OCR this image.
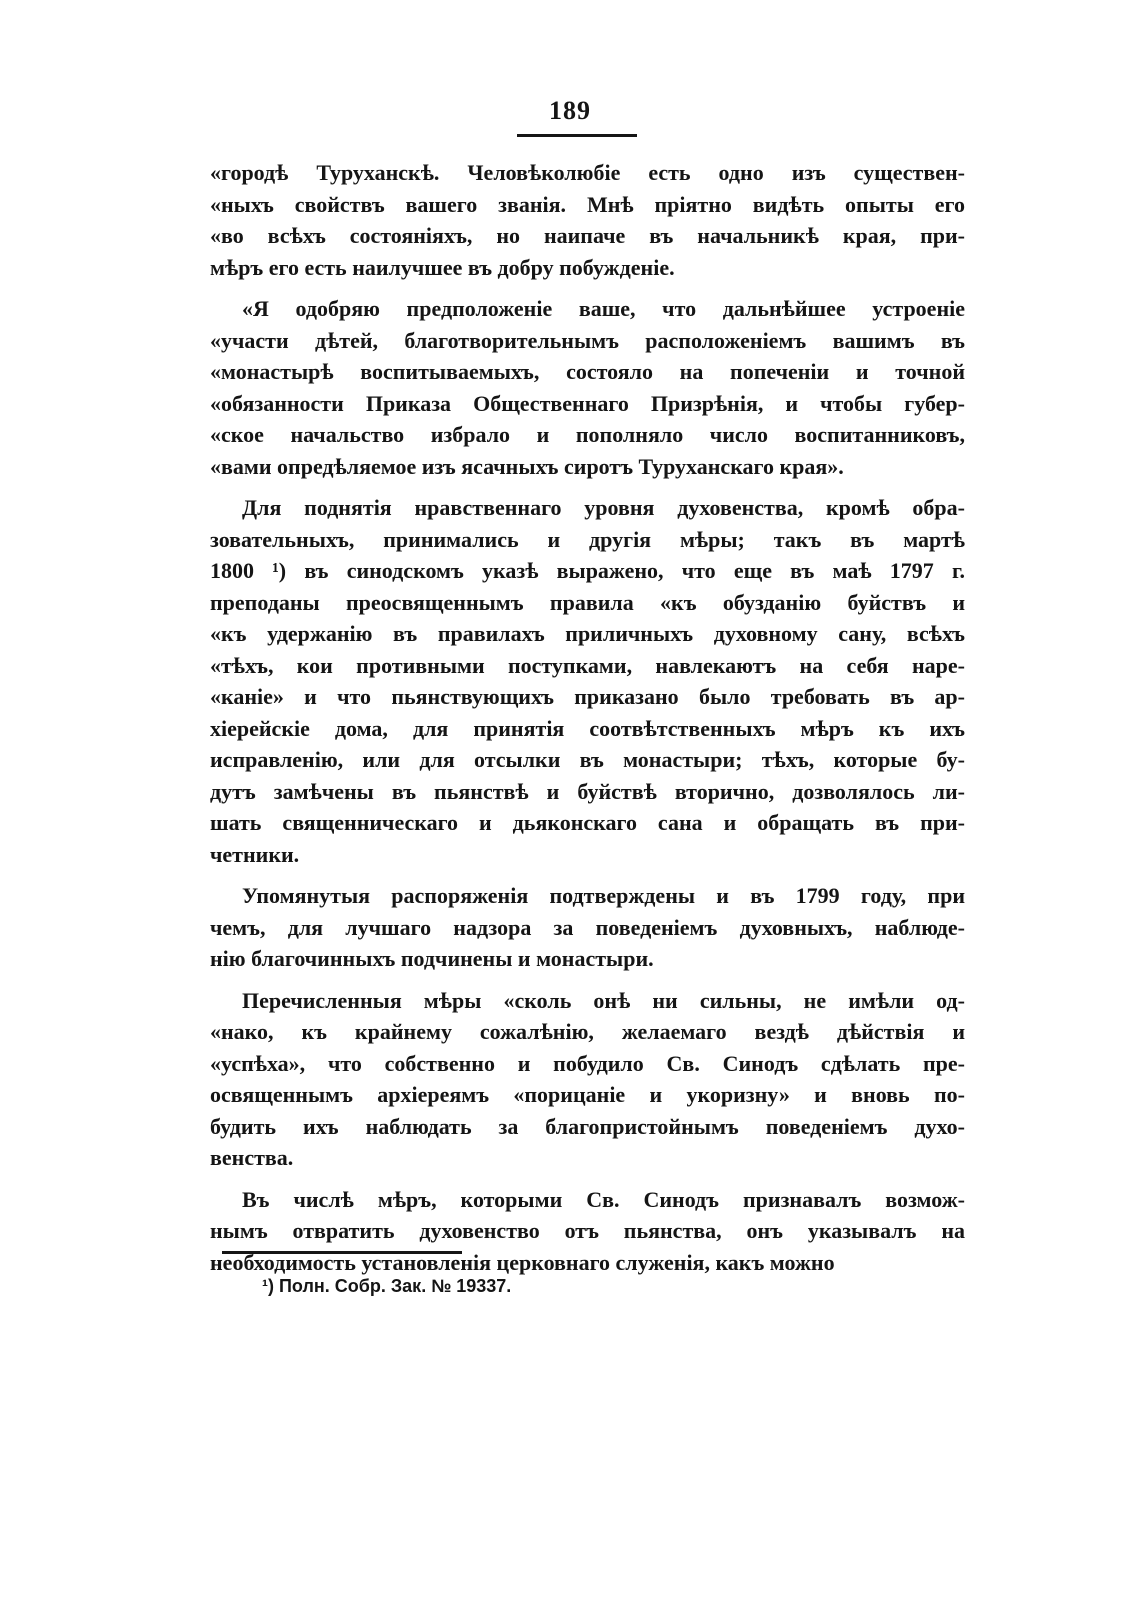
189
«городѣ Туруханскѣ. Человѣколюбіе есть одно изъ существен-
«ныхъ свойствъ вашего званія. Мнѣ пріятно видѣть опыты его
«во всѣхъ состояніяхъ, но наипаче въ начальникѣ края, при-
мѣръ его есть наилучшее въ добру побужденіе.
«Я одобряю предположеніе ваше, что дальнѣйшее устроеніе
«участи дѣтей, благотворительнымъ расположеніемъ вашимъ въ
«монастырѣ воспитываемыхъ, состояло на попеченіи и точной
«обязанности Приказа Общественнаго Призрѣнія, и чтобы губер-
«ское начальство избрало и пополняло число воспитанниковъ,
«вами опредѣляемое изъ ясачныхъ сиротъ Туруханскаго края».
Для поднятія нравственнаго уровня духовенства, кромѣ обра-
зовательныхъ, принимались и другія мѣры; такъ въ мартѣ
1800 ¹) въ синодскомъ указѣ выражено, что еще въ маѣ 1797 г.
преподаны преосвященнымъ правила «къ обузданію буйствъ и
«къ удержанію въ правилахъ приличныхъ духовному сану, всѣхъ
«тѣхъ, кои противными поступками, навлекаютъ на себя наре-
«каніе» и что пьянствующихъ приказано было требовать въ ар-
хіерейскіе дома, для принятія соотвѣтственныхъ мѣръ къ ихъ
исправленію, или для отсылки въ монастыри; тѣхъ, которые бу-
дутъ замѣчены въ пьянствѣ и буйствѣ вторично, дозволялось ли-
шать священническаго и дьяконскаго сана и обращать въ при-
четники.
Упомянутыя распоряженія подтверждены и въ 1799 году, при
чемъ, для лучшаго надзора за поведеніемъ духовныхъ, наблюде-
нію благочинныхъ подчинены и монастыри.
Перечисленныя мѣры «сколь онѣ ни сильны, не имѣли од-
«нако, къ крайнему сожалѣнію, желаемаго вездѣ дѣйствія и
«успѣха», что собственно и побудило Св. Синодъ сдѣлать пре-
освященнымъ архіереямъ «порицаніе и укоризну» и вновь по-
будить ихъ наблюдать за благопристойнымъ поведеніемъ духо-
венства.
Въ числѣ мѣръ, которыми Св. Синодъ признавалъ возмож-
нымъ отвратить духовенство отъ пьянства, онъ указывалъ на
необходимость установленія церковнаго служенія, какъ можно
¹) Полн. Собр. Зак. № 19337.
